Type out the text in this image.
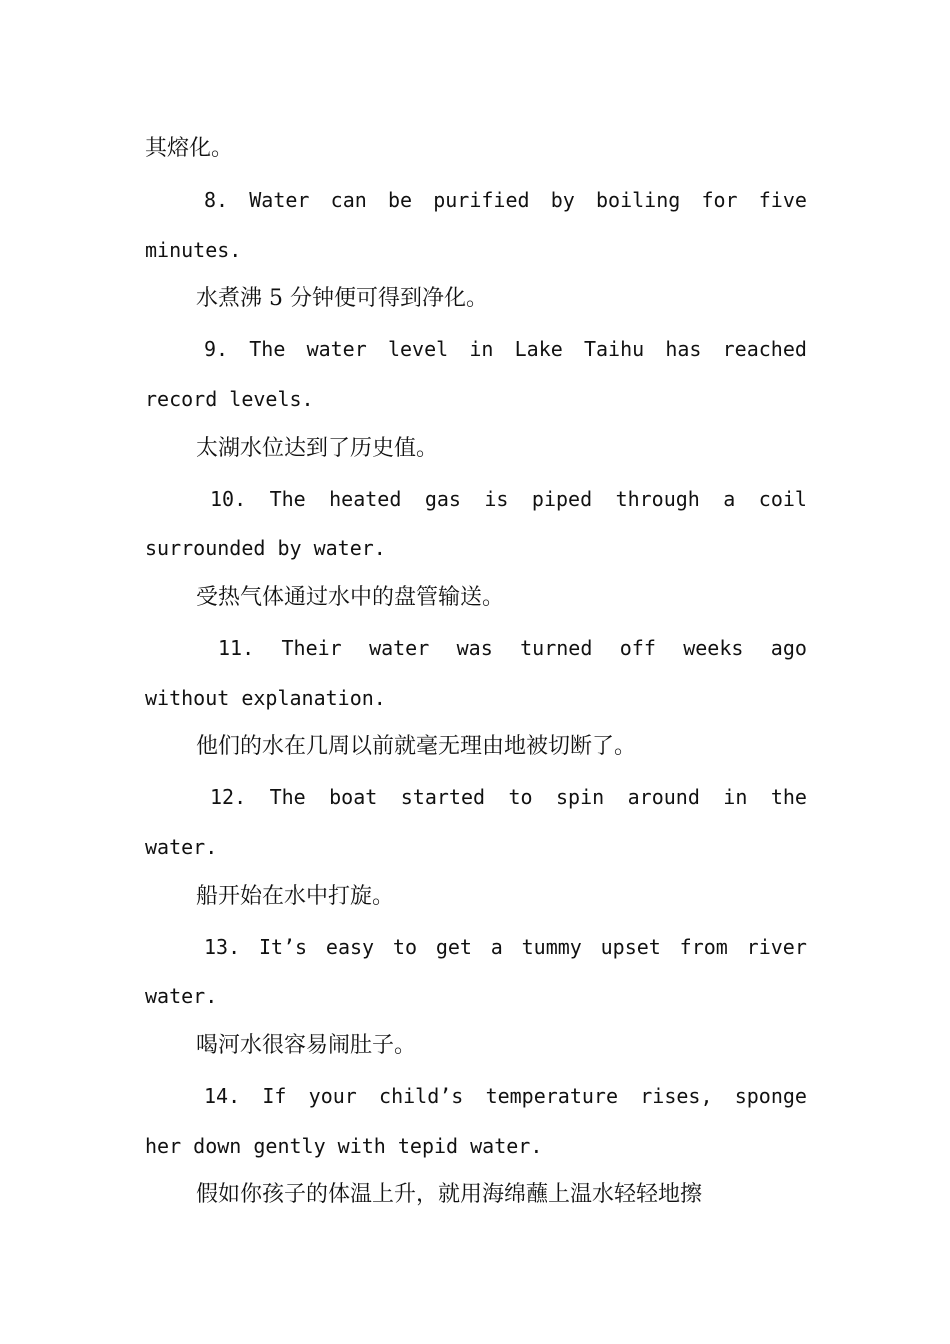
其熔化。
8. Water can be purified by boiling for five
minutes.
水煮沸 5 分钟便可得到净化。
9. The water level in Lake Taihu has reached
record levels.
太湖水位达到了历史值。
10. The heated gas is piped through a coil
surrounded by water.
受热气体通过水中的盘管输送。
11. Their water was turned off weeks ago
without explanation.
他们的水在几周以前就毫无理由地被切断了。
12. The boat started to spin around in the
water.
船开始在水中打旋。
13. It’s easy to get a tummy upset from river
water.
喝河水很容易闹肚子。
14. If your child’s temperature rises, sponge
her down gently with tepid water.
假如你孩子的体温上升，就用海绵蘸上温水轻轻地擦
